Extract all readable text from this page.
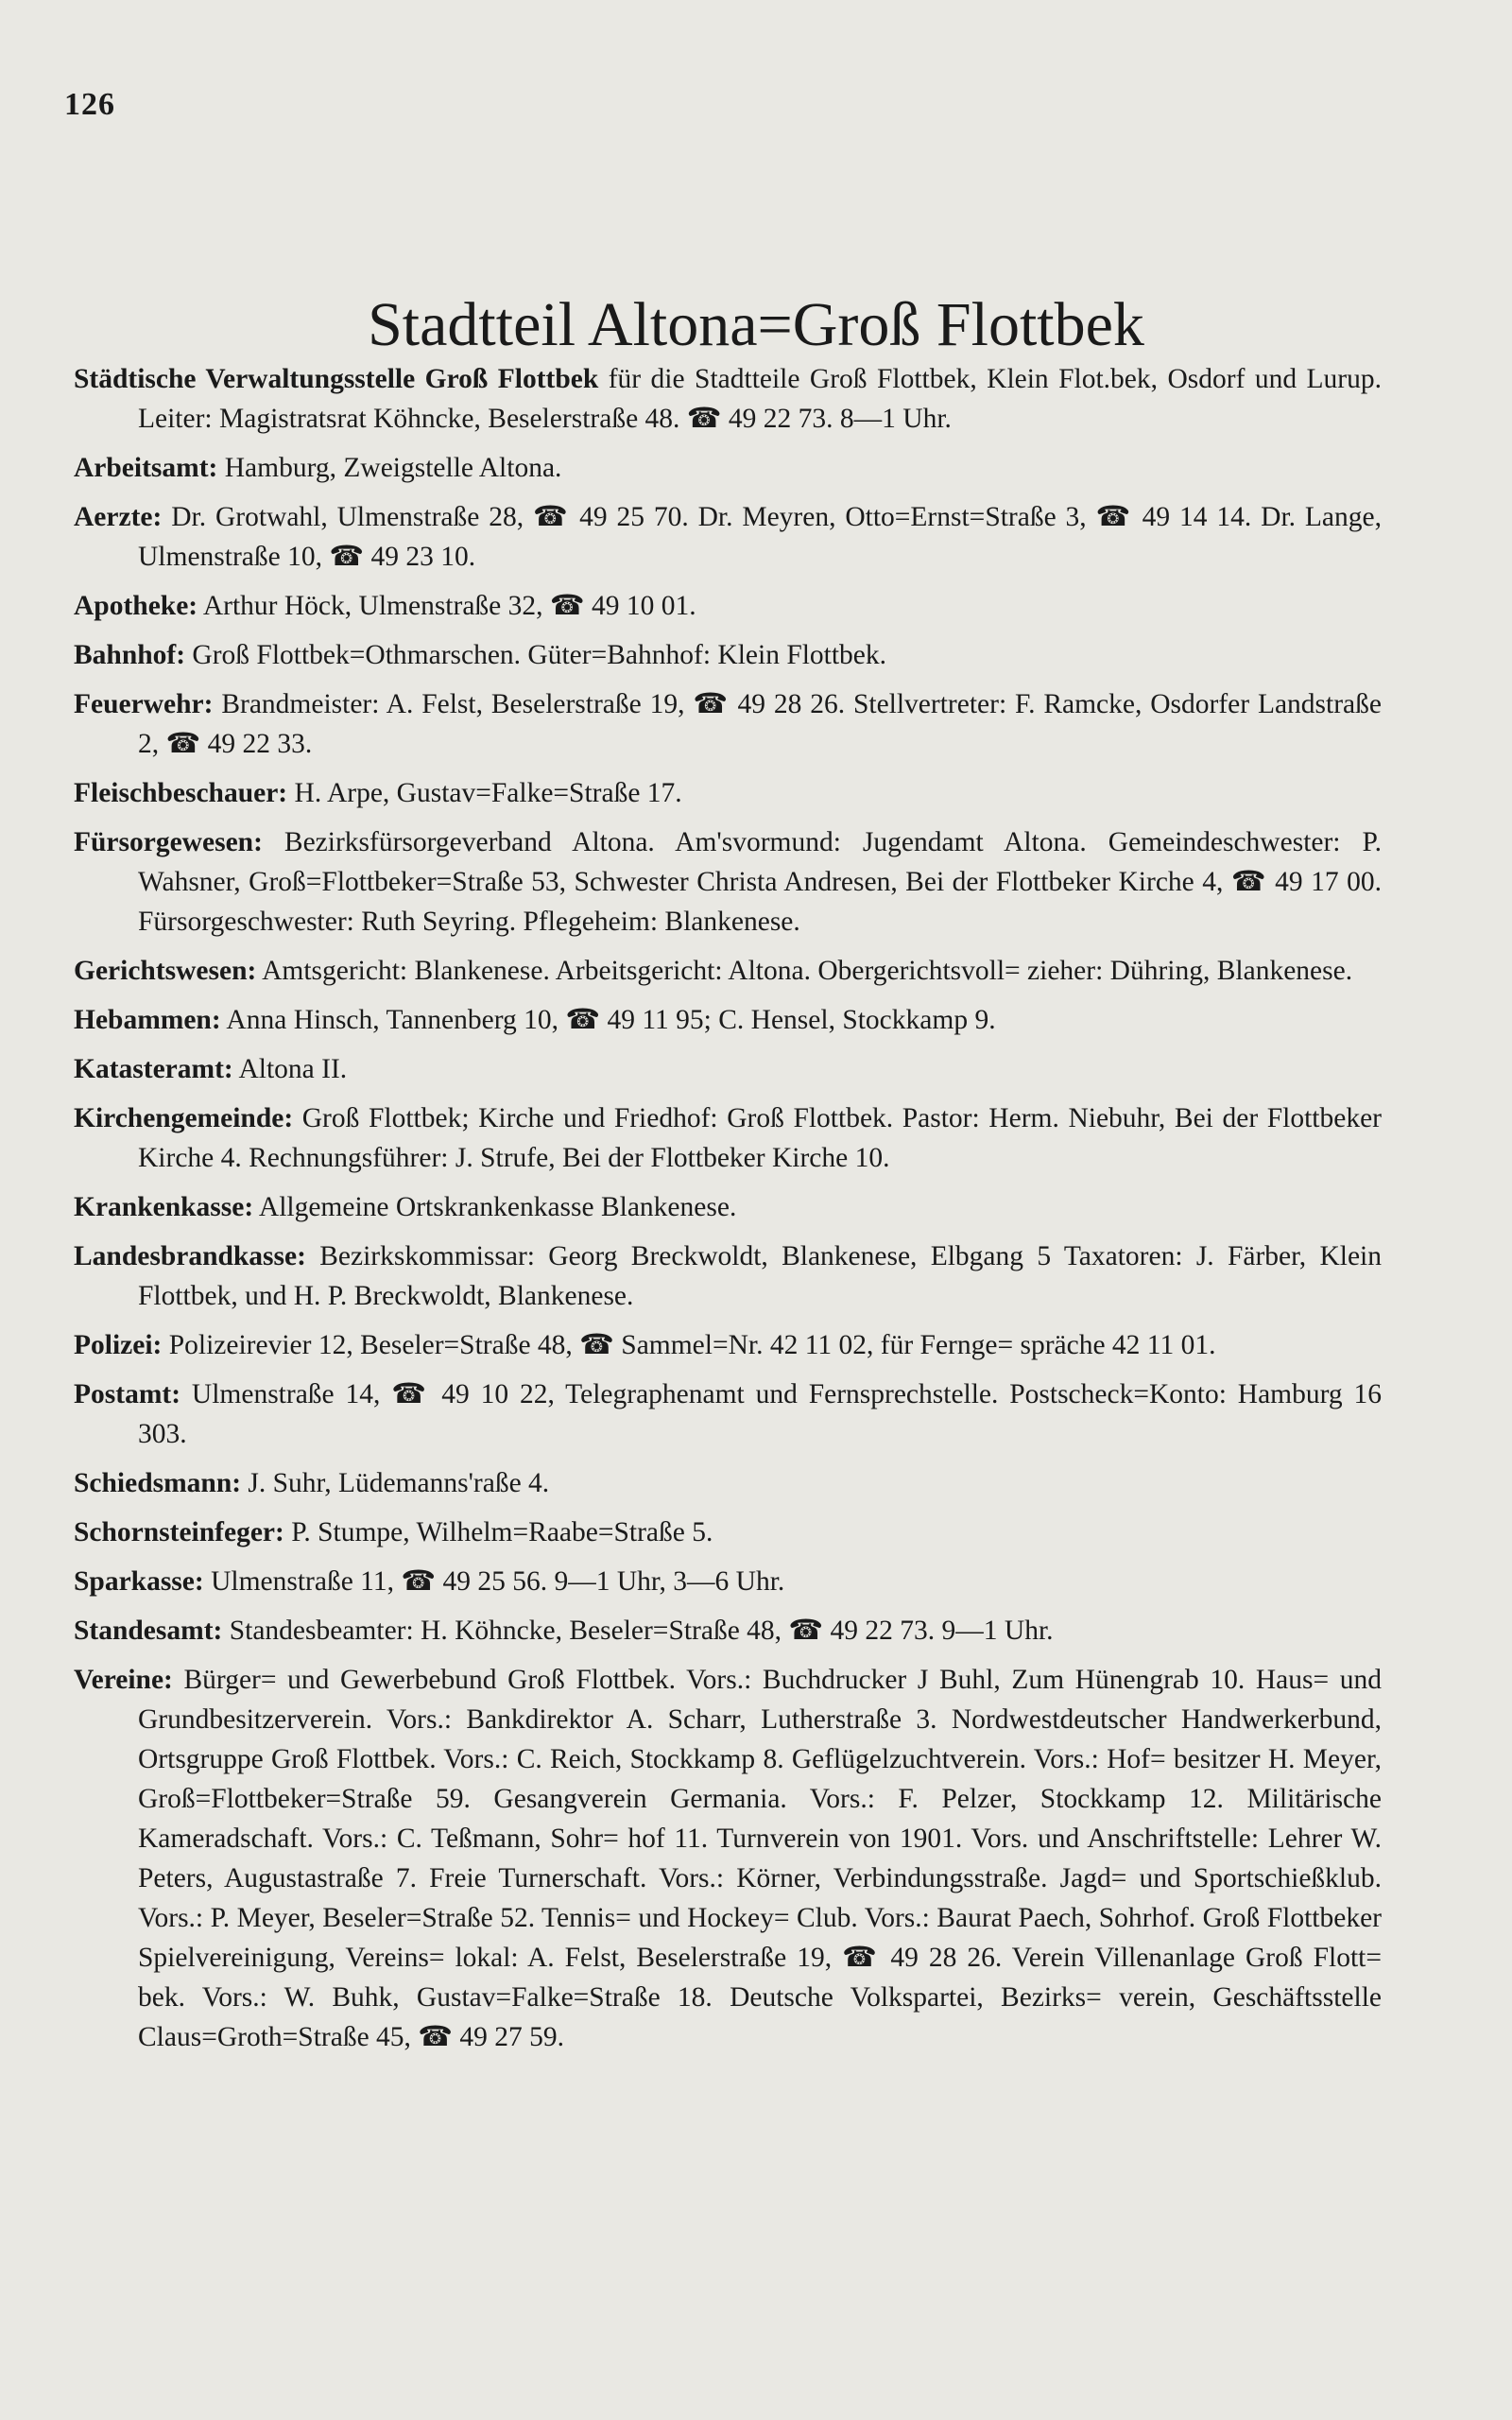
126
Stadtteil Altona=Groß Flottbek

Städtische Verwaltungsstelle Groß Flottbek für die Stadtteile Groß Flottbek, Klein Flot.bek, Osdorf und Lurup. Leiter: Magistratsrat Köhncke, Beselerstraße 48. ☎ 49 22 73. 8—1 Uhr.

Arbeitsamt: Hamburg, Zweigstelle Altona.

Aerzte: Dr. Grotwahl, Ulmenstraße 28, ☎ 49 25 70. Dr. Meyren, Otto=Ernst=Straße 3, ☎ 49 14 14. Dr. Lange, Ulmenstraße 10, ☎ 49 23 10.

Apotheke: Arthur Höck, Ulmenstraße 32, ☎ 49 10 01.

Bahnhof: Groß Flottbek=Othmarschen. Güter=Bahnhof: Klein Flottbek.

Feuerwehr: Brandmeister: A. Felst, Beselerstraße 19, ☎ 49 28 26. Stellvertreter: F. Ramcke, Osdorfer Landstraße 2, ☎ 49 22 33.

Fleischbeschauer: H. Arpe, Gustav=Falke=Straße 17.

Fürsorgewesen: Bezirksfürsorgeverband Altona. Am'svormund: Jugendamt Altona. Gemeindeschwester: P. Wahsner, Groß=Flottbeker=Straße 53, Schwester Christa Andresen, Bei der Flottbeker Kirche 4, ☎ 49 17 00. Fürsorgeschwester: Ruth Seyring. Pflegeheim: Blankenese.

Gerichtswesen: Amtsgericht: Blankenese. Arbeitsgericht: Altona. Obergerichtsvoll= zieher: Dühring, Blankenese.

Hebammen: Anna Hinsch, Tannenberg 10, ☎ 49 11 95; C. Hensel, Stockkamp 9.

Katasteramt: Altona II.

Kirchengemeinde: Groß Flottbek; Kirche und Friedhof: Groß Flottbek. Pastor: Herm. Niebuhr, Bei der Flottbeker Kirche 4. Rechnungsführer: J. Strufe, Bei der Flottbeker Kirche 10.

Krankenkasse: Allgemeine Ortskrankenkasse Blankenese.

Landesbrandkasse: Bezirkskommissar: Georg Breckwoldt, Blankenese, Elbgang 5 Taxatoren: J. Färber, Klein Flottbek, und H. P. Breckwoldt, Blankenese.

Polizei: Polizeirevier 12, Beseler=Straße 48, ☎ Sammel=Nr. 42 11 02, für Fernge= spräche 42 11 01.

Postamt: Ulmenstraße 14, ☎ 49 10 22, Telegraphenamt und Fernsprechstelle. Postscheck=Konto: Hamburg 16 303.

Schiedsmann: J. Suhr, Lüdemanns'raße 4.

Schornsteinfeger: P. Stumpe, Wilhelm=Raabe=Straße 5.

Sparkasse: Ulmenstraße 11, ☎ 49 25 56. 9—1 Uhr, 3—6 Uhr.

Standesamt: Standesbeamter: H. Köhncke, Beseler=Straße 48, ☎ 49 22 73. 9—1 Uhr.

Vereine: Bürger= und Gewerbebund Groß Flottbek. Vors.: Buchdrucker J Buhl, Zum Hünengrab 10. Haus= und Grundbesitzerverein. Vors.: Bankdirektor A. Scharr, Lutherstraße 3. Nordwestdeutscher Handwerkerbund, Ortsgruppe Groß Flottbek. Vors.: C. Reich, Stockkamp 8. Geflügelzuchtverein. Vors.: Hof= besitzer H. Meyer, Groß=Flottbeker=Straße 59. Gesangverein Germania. Vors.: F. Pelzer, Stockkamp 12. Militärische Kameradschaft. Vors.: C. Teßmann, Sohr= hof 11. Turnverein von 1901. Vors. und Anschriftstelle: Lehrer W. Peters, Augustastraße 7. Freie Turnerschaft. Vors.: Körner, Verbindungsstraße. Jagd= und Sportschießklub. Vors.: P. Meyer, Beseler=Straße 52. Tennis= und Hockey= Club. Vors.: Baurat Paech, Sohrhof. Groß Flottbeker Spielvereinigung, Vereins= lokal: A. Felst, Beselerstraße 19, ☎ 49 28 26. Verein Villenanlage Groß Flott= bek. Vors.: W. Buhk, Gustav=Falke=Straße 18. Deutsche Volkspartei, Bezirks= verein, Geschäftsstelle Claus=Groth=Straße 45, ☎ 49 27 59.
